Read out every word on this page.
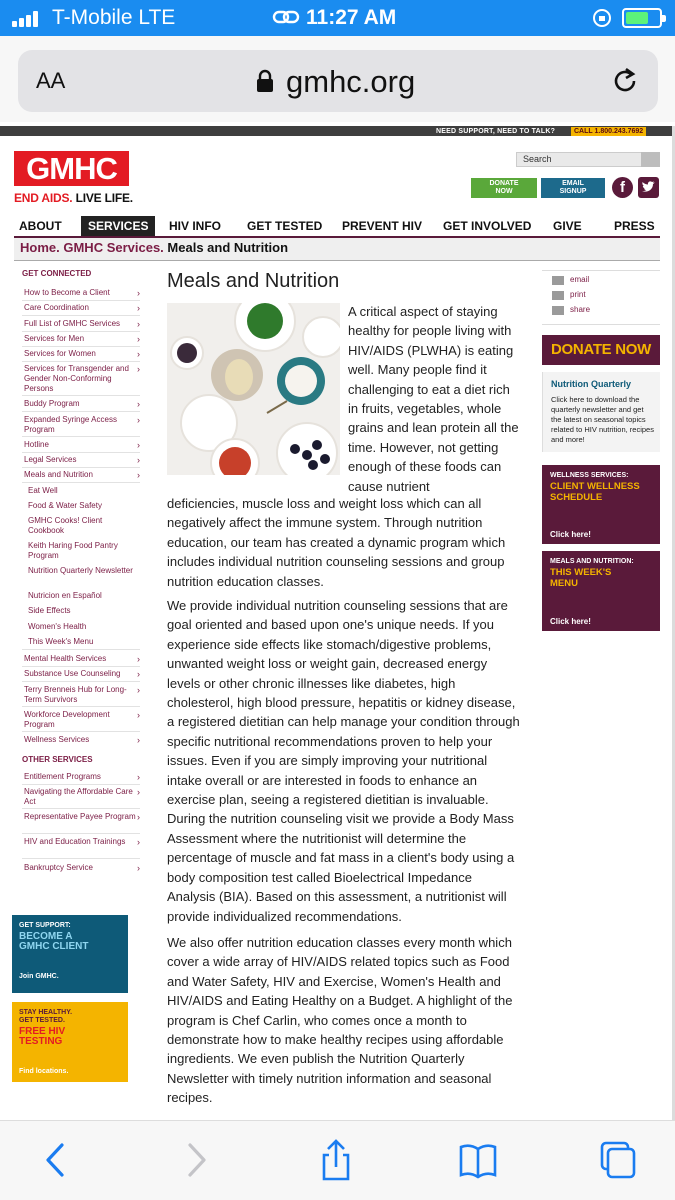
T-Mobile LTE	11:27 AM
AA	gmhc.org
NEED SUPPORT, NEED TO TALK?	CALL 1.800.243.7692
GMHC
END AIDS. LIVE LIFE.
Search
DONATE
NOW
EMAIL
SIGNUP	f
ABOUT	SERVICES	HIV INFO GET TESTED PREVENT HIV GET INVOLVED GIVE	PRESS
Home. GMHC Services. Meals and Nutrition
GET CONNECTED
How to Become a Client	›
Care Coordination	›
Full List of GMHC Services ›
Services for Men	›
Services for Women	›
Services for Transgender and Gender Non-Conforming Persons
›
Buddy Program	›
Expanded Syringe Access Program
›
Hotline	›
Legal Services	›
Meals and Nutrition	›
Eat Well
Food & Water Safety
GMHC Cooks! Client Cookbook
Keith Haring Food Pantry Program
Nutrition Quarterly Newsletter
Nutricion en Español
Side Effects
Women's Health
This Week's Menu
Mental Health Services	›
Substance Use Counseling ›
Terry Brenneis Hub for Long-Term Survivors
›
Workforce Development Program
›
Wellness Services	›
OTHER SERVICES
Entitlement Programs	›
Navigating the Affordable Care Act
›
Representative Payee Program ›
HIV and Education Trainings ›
Bankruptcy Service	›
GET SUPPORT:
BECOME A
GMHC CLIENT
Join GMHC.
STAY HEALTHY.
GET TESTED.
FREE HIV
TESTING
Find locations.
Meals and Nutrition
A critical aspect of staying healthy for people living with HIV/AIDS (PLWHA) is eating well. Many people find it challenging to eat a diet rich in fruits, vegetables, whole grains and lean protein all the time. However, not getting enough of these foods can cause nutrient
deficiencies, muscle loss and weight loss which can all negatively affect the immune system. Through nutrition education, our team has created a dynamic program which includes individual nutrition counseling sessions and group nutrition education classes.
We provide individual nutrition counseling sessions that are goal oriented and based upon one's unique needs. If you experience side effects like stomach/digestive problems, unwanted weight loss or weight gain, decreased energy levels or other chronic illnesses like diabetes, high cholesterol, high blood pressure, hepatitis or kidney disease, a registered dietitian can help manage your condition through specific nutritional recommendations proven to help your issues. Even if you are simply improving your nutritional intake overall or are interested in foods to enhance an exercise plan, seeing a registered dietitian is invaluable. During the nutrition counseling visit we provide a Body Mass Assessment where the nutritionist will determine the percentage of muscle and fat mass in a client's body using a body composition test called Bioelectrical Impedance Analysis (BIA). Based on this assessment, a nutritionist will provide individualized recommendations.
We also offer nutrition education classes every month which cover a wide array of HIV/AIDS related topics such as Food and Water Safety, HIV and Exercise, Women's Health and HIV/AIDS and Eating Healthy on a Budget. A highlight of the program is Chef Carlin, who comes once a month to demonstrate how to make healthy recipes using affordable ingredients. We even publish the Nutrition Quarterly Newsletter with timely nutrition information and seasonal recipes.
email
print
share
DONATE NOW
Nutrition Quarterly
Click here to download the quarterly newsletter and get the latest on seasonal topics related to HIV nutrition, recipes and more!
WELLNESS SERVICES:
CLIENT WELLNESS
SCHEDULE
Click here!
MEALS AND NUTRITION:
THIS WEEK'S
MENU
Click here!
